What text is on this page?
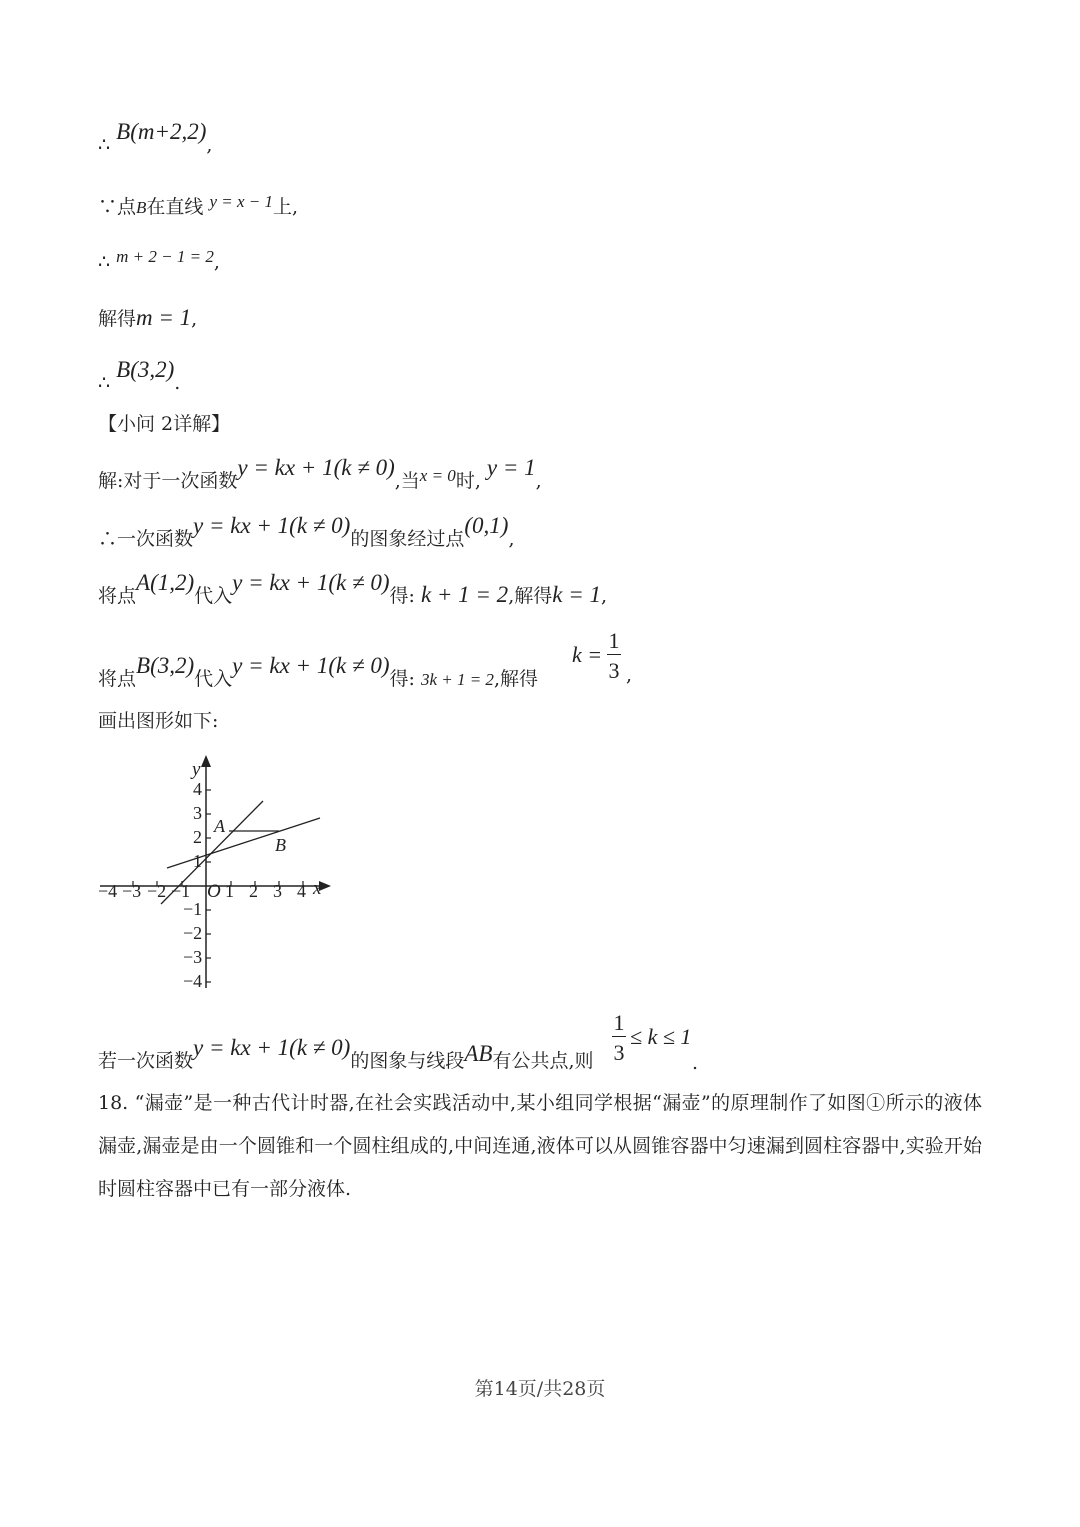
∴ B(m+2,2),
∵点B在直线 y = x − 1上,
∴ m + 2 − 1 = 2,
解得m = 1,
∴ B(3,2).
【小问 2详解】
解:对于一次函数y = kx + 1(k ≠ 0),当x = 0时, y = 1,
∴一次函数y = kx + 1(k ≠ 0)的图象经过点(0,1),
将点A(1,2)代入y = kx + 1(k ≠ 0)得: k + 1 = 2,解得k = 1,
将点B(3,2)代入y = kx + 1(k ≠ 0)得: 3k + 1 = 2,解得
k =
1
3 ,
画出图形如下:
y
x
O
A
B
−4 −3 −2 −1 1 2 3 4
4
3
2
1
−1
−2
−3
−4
若一次函数y = kx + 1(k ≠ 0)的图象与线段AB有公共点,则
1
3
≤ k ≤ 1
.
18. “漏壶”是一种古代计时器,在社会实践活动中,某小组同学根据“漏壶”的原理制作了如图①所示的液体漏壶,漏壶是由一个圆锥和一个圆柱组成的,中间连通,液体可以从圆锥容器中匀速漏到圆柱容器中,实验开始时圆柱容器中已有一部分液体.
第14页/共28页
